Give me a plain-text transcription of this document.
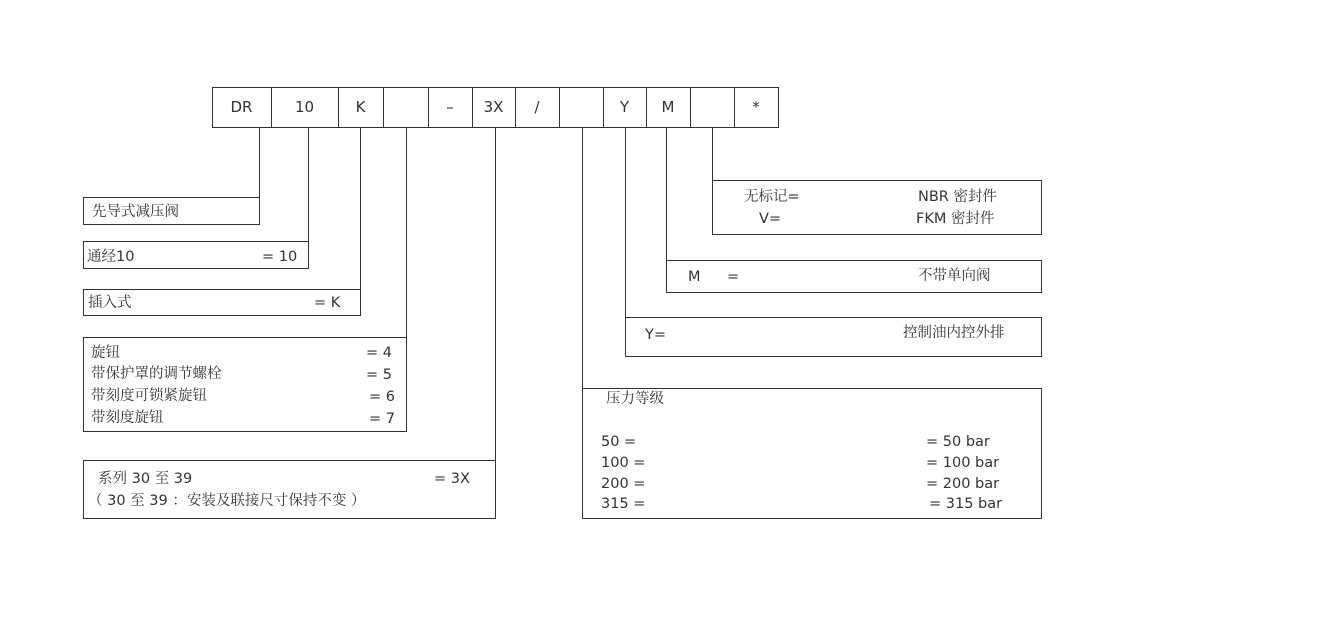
DR	10	K	–	3X	/	Y	M	*
先导式减压阀
通经10	= 10
插入式	= K
旋钮	= 4
带保护罩的调节螺栓	= 5
带刻度可锁紧旋钮	= 6
带刻度旋钮	= 7
系列 30 至 39	= 3X
（ 30 至 39 ：安装及联接尺寸保持不变 ）
无标记=	NBR 密封件
V=	FKM 密封件
M =	不带单向阀
Y=	控制油内控外排
压力等级
50 =	= 50 bar
100 =	= 100 bar
200 =	= 200 bar
315 =	= 315 bar
